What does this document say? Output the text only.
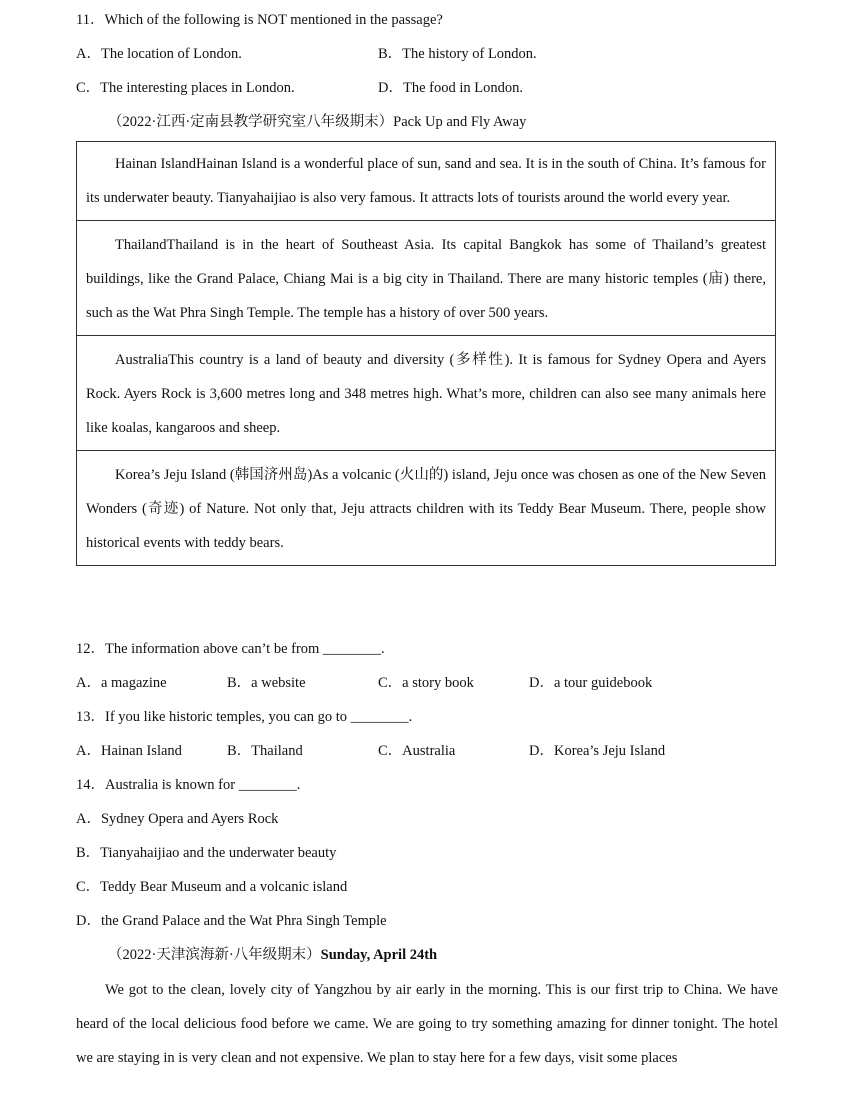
11．Which of the following is NOT mentioned in the passage?
A．The location of London.	B．The history of London.
C．The interesting places in London.	D．The food in London.
（2022·江西·定南县教学研究室八年级期末）Pack Up and Fly Away
Hainan IslandHainan Island is a wonderful place of sun, sand and sea. It is in the south of China. It’s famous for its underwater beauty. Tianyahaijiao is also very famous. It attracts lots of tourists around the world every year.
ThailandThailand is in the heart of Southeast Asia. Its capital Bangkok has some of Thailand’s greatest buildings, like the Grand Palace, Chiang Mai is a big city in Thailand. There are many historic temples (庙) there, such as the Wat Phra Singh Temple. The temple has a history of over 500 years.
AustraliaThis country is a land of beauty and diversity (多样性). It is famous for Sydney Opera and Ayers Rock. Ayers Rock is 3,600 metres long and 348 metres high. What’s more, children can also see many animals here like koalas, kangaroos and sheep.
Korea’s Jeju Island (韩国济州岛)As a volcanic (火山的) island, Jeju once was chosen as one of the New Seven Wonders (奇迹) of Nature. Not only that, Jeju attracts children with its Teddy Bear Museum. There, people show historical events with teddy bears.
12．The information above can’t be from ________.
A．a magazine	B．a website	C．a story book	D．a tour guidebook
13．If you like historic temples, you can go to ________.
A．Hainan Island	B．Thailand	C．Australia	D．Korea’s Jeju Island
14．Australia is known for ________.
A．Sydney Opera and Ayers Rock
B．Tianyahaijiao and the underwater beauty
C．Teddy Bear Museum and a volcanic island
D．the Grand Palace and the Wat Phra Singh Temple
（2022·天津滨海新·八年级期末）Sunday, April 24th
We got to the clean, lovely city of Yangzhou by air early in the morning. This is our first trip to China. We have heard of the local delicious food before we came. We are going to try something amazing for dinner tonight. The hotel we are staying in is very clean and not expensive. We plan to stay here for a few days, visit some places
